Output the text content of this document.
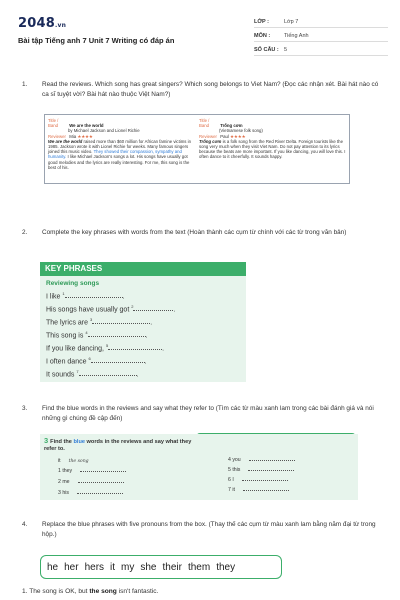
2048.vn
Bài tập Tiếng anh 7 Unit 7 Writing có đáp án
LỚP :	Lớp 7
MÔN :	Tiếng Anh
SỐ CÂU : 5
1. Read the reviews. Which song has great singers? Which song belongs to Viet Nam? (Đọc các nhận xét. Bài hát nào có ca sĩ tuyệt vời? Bài hát nào thuộc Việt Nam?)
Title / Band	We are the world
by Michael Jackson and Lionel Richie
Reviewer Mia ★★★★
We are the world raised more than $60 million for African famine victims in 1985. Jackson wrote it with Lionel Richie for weeks. Many famous singers joined this music video. They showed their compassion, sympathy and humanity. I like Michael Jackson's songs a lot. His songs have usually got good melodies and the lyrics are really interesting. For me, this song is the best of his.
Title / Band	Trống cơm
(Vietnamese folk song)
Reviewer Paul ★★★★
Trống cơm is a folk song from the Red River Delta. Foreign tourists like the song very much when they visit Viet Nam. Do not pay attention to its lyrics because the beats are more important. If you like dancing, you will love this. I often dance to it cheerfully. It sounds happy.
2. Complete the key phrases with words from the text (Hoàn thành các cụm từ chính với các từ trong văn bản)
KEY PHRASES
Reviewing songs
I like $^1$	.
His songs have usually got $^2$	.
The lyrics are $^3$	.
This song is $^4$	.
If you like dancing, $^5$	.
I often dance $^6$	.
It sounds $^7$	.
3. Find the blue words in the reviews and say what they refer to (Tìm các từ màu xanh lam trong các bài đánh giá và nói những gì chúng đề cập đến)
3 Find the blue words in the reviews and say what they refer to.
it the song
1 they
2 me
3 his
4 you
5 this
6 I
7 it
4. Replace the blue phrases with five pronouns from the box. (Thay thế các cụm từ màu xanh lam bằng năm đại từ trong hộp.)
he her hers it my she their them they
1. The song is OK, but the song isn't fantastic.
